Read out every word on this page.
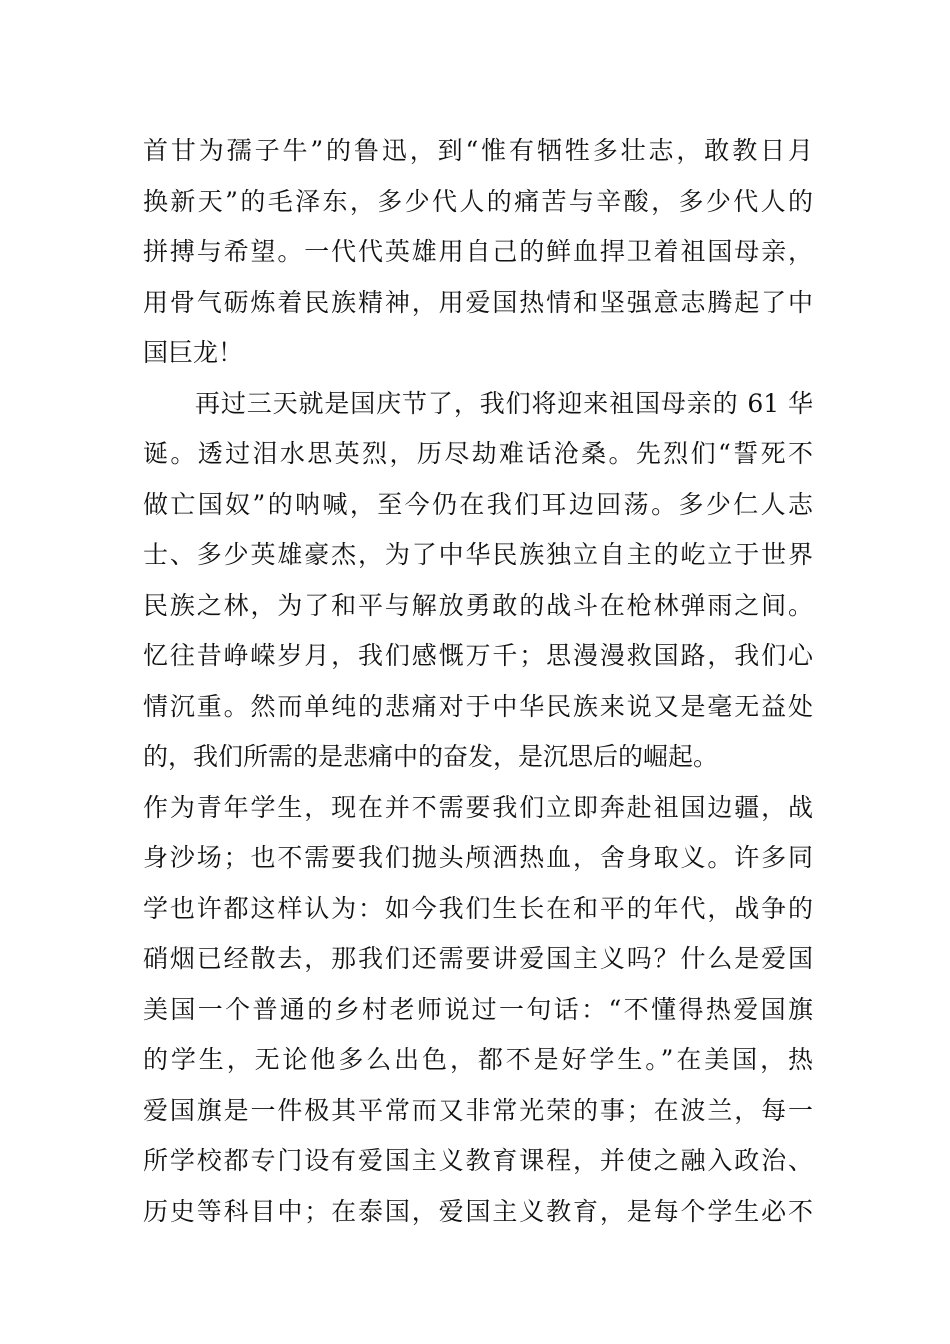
首甘为孺子牛”的鲁迅，到“惟有牺牲多壮志，敢教日月
换新天”的毛泽东，多少代人的痛苦与辛酸，多少代人的
拼搏与希望。一代代英雄用自己的鲜血捍卫着祖国母亲，
用骨气砺炼着民族精神，用爱国热情和坚强意志腾起了中
国巨龙！
再过三天就是国庆节了，我们将迎来祖国母亲的 61 华
诞。透过泪水思英烈，历尽劫难话沧桑。先烈们“誓死不
做亡国奴”的呐喊，至今仍在我们耳边回荡。多少仁人志
士、多少英雄豪杰，为了中华民族独立自主的屹立于世界
民族之林，为了和平与解放勇敢的战斗在枪林弹雨之间。
忆往昔峥嵘岁月，我们感慨万千；思漫漫救国路，我们心
情沉重。然而单纯的悲痛对于中华民族来说又是毫无益处
的，我们所需的是悲痛中的奋发，是沉思后的崛起。
作为青年学生，现在并不需要我们立即奔赴祖国边疆，战
身沙场；也不需要我们抛头颅洒热血，舍身取义。许多同
学也许都这样认为：如今我们生长在和平的年代，战争的
硝烟已经散去，那我们还需要讲爱国主义吗？什么是爱国
美国一个普通的乡村老师说过一句话：“不懂得热爱国旗
的学生，无论他多么出色，都不是好学生。”在美国，热
爱国旗是一件极其平常而又非常光荣的事；在波兰，每一
所学校都专门设有爱国主义教育课程，并使之融入政治、
历史等科目中；在泰国，爱国主义教育，是每个学生必不
